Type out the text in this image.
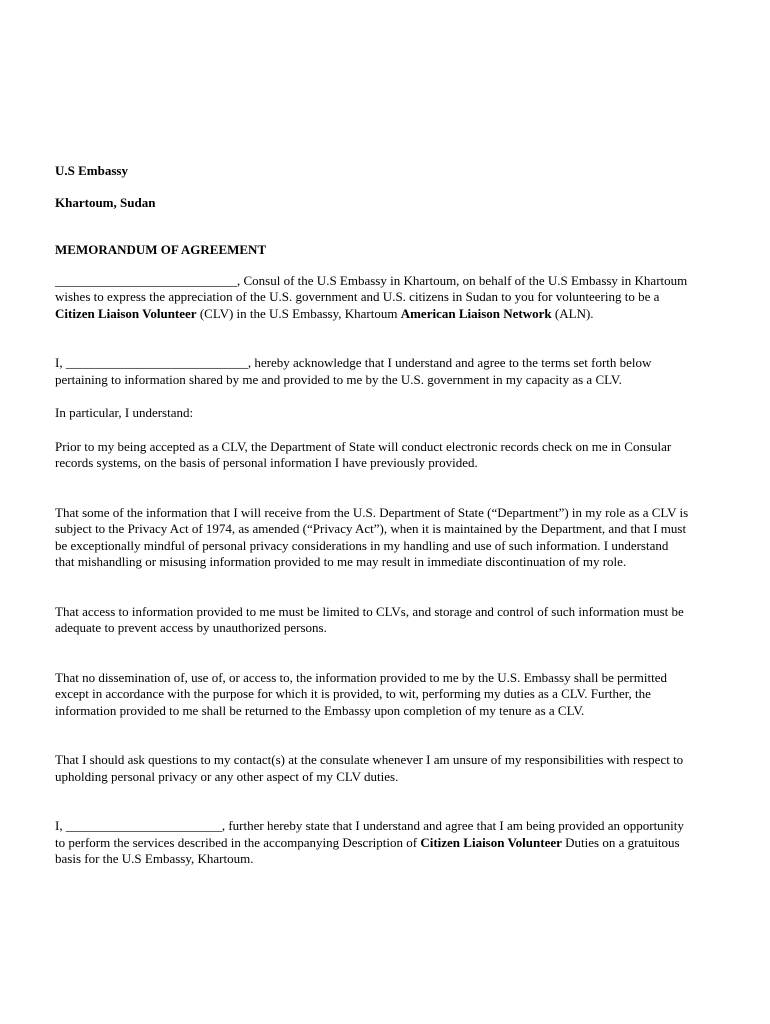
U.S Embassy

Khartoum, Sudan

MEMORANDUM OF AGREEMENT

____________________________, Consul of the U.S Embassy in Khartoum, on behalf of the U.S Embassy in Khartoum wishes to express the appreciation of the U.S. government and U.S. citizens in Sudan to you for volunteering to be a Citizen Liaison Volunteer (CLV) in the U.S Embassy, Khartoum American Liaison Network (ALN).

I, ____________________________, hereby acknowledge that I understand and agree to the terms set forth below pertaining to information shared by me and provided to me by the U.S. government in my capacity as a CLV.

In particular, I understand:

Prior to my being accepted as a CLV, the Department of State will conduct electronic records check on me in Consular records systems, on the basis of personal information I have previously provided.

That some of the information that I will receive from the U.S. Department of State (“Department”) in my role as a CLV is subject to the Privacy Act of 1974, as amended (“Privacy Act”), when it is maintained by the Department, and that I must be exceptionally mindful of personal privacy considerations in my handling and use of such information. I understand that mishandling or misusing information provided to me may result in immediate discontinuation of my role.

That access to information provided to me must be limited to CLVs, and storage and control of such information must be adequate to prevent access by unauthorized persons.

That no dissemination of, use of, or access to, the information provided to me by the U.S. Embassy shall be permitted except in accordance with the purpose for which it is provided, to wit, performing my duties as a CLV. Further, the information provided to me shall be returned to the Embassy upon completion of my tenure as a CLV.

That I should ask questions to my contact(s) at the consulate whenever I am unsure of my responsibilities with respect to upholding personal privacy or any other aspect of my CLV duties.

I, ________________________, further hereby state that I understand and agree that I am being provided an opportunity to perform the services described in the accompanying Description of Citizen Liaison Volunteer Duties on a gratuitous basis for the U.S Embassy, Khartoum.
